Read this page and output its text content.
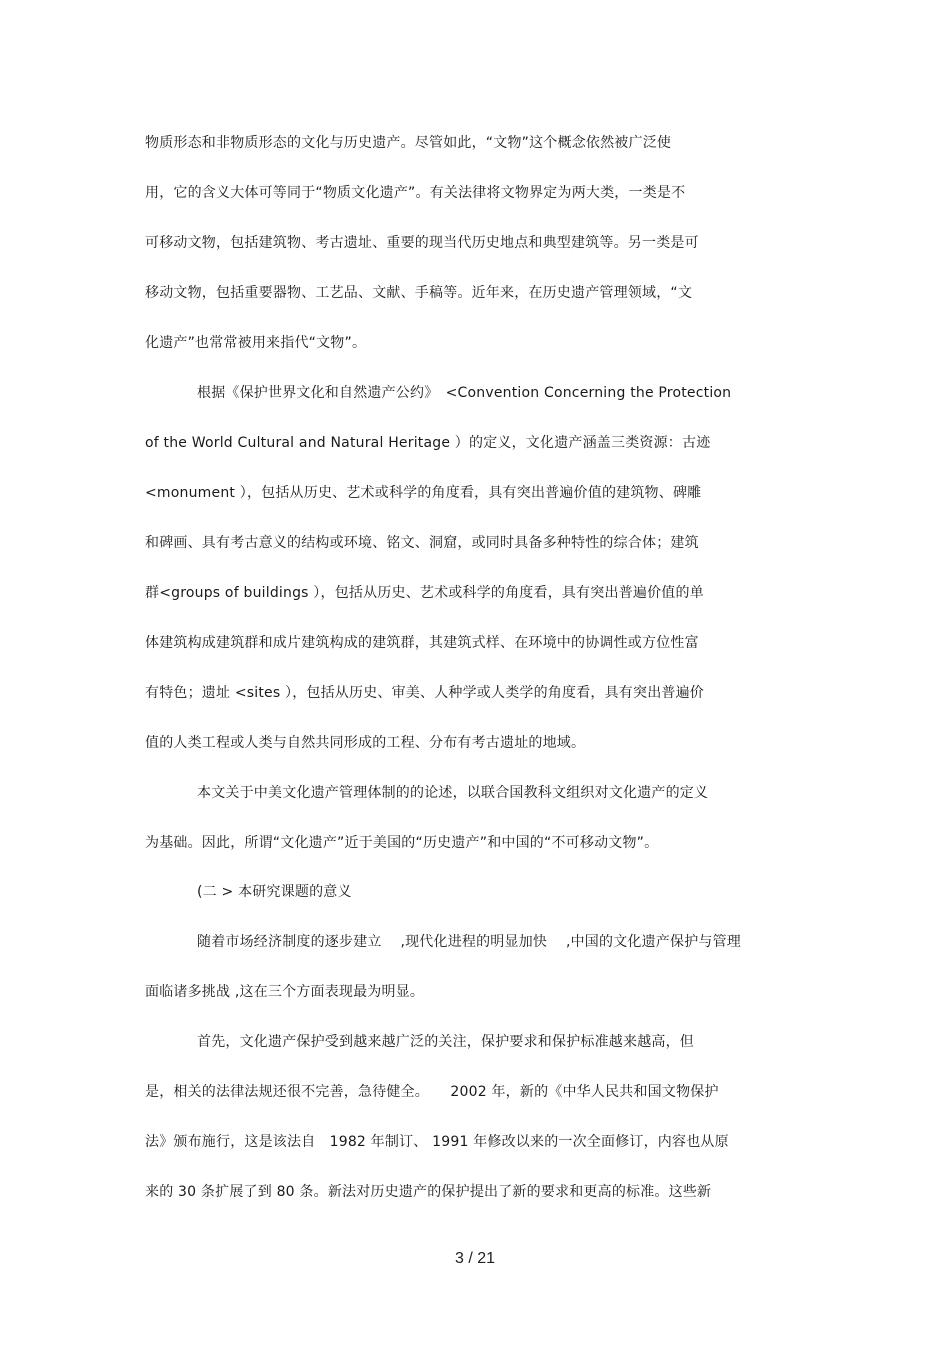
物质形态和非物质形态的文化与历史遗产。尽管如此，“文物”这个概念依然被广泛使
用，它的含义大体可等同于“物质文化遗产”。有关法律将文物界定为两大类，一类是不
可移动文物，包括建筑物、考古遗址、重要的现当代历史地点和典型建筑等。另一类是可
移动文物，包括重要器物、工艺品、文献、手稿等。近年来，在历史遗产管理领域，“文
化遗产”也常常被用来指代“文物”。
根据《保护世界文化和自然遗产公约》　<Convention Concerning the Protection
of the World Cultural and Natural Heritage ）的定义，文化遗产涵盖三类资源：古迹
<monument ），包括从历史、艺术或科学的角度看，具有突出普遍价值的建筑物、碑雕
和碑画、具有考古意义的结构或环境、铭文、洞窟，或同时具备多种特性的综合体；建筑
群<groups of buildings ），包括从历史、艺术或科学的角度看，具有突出普遍价值的单
体建筑构成建筑群和成片建筑构成的建筑群，其建筑式样、在环境中的协调性或方位性富
有特色；遗址 <sites ），包括从历史、审美、人种学或人类学的角度看，具有突出普遍价
值的人类工程或人类与自然共同形成的工程、分布有考古遗址的地域。
本文关于中美文化遗产管理体制的的论述，以联合国教科文组织对文化遗产的定义
为基础。因此，所谓“文化遗产”近于美国的“历史遗产”和中国的“不可移动文物”。
(二 > 本研究课题的意义
随着市场经济制度的逐步建立　 ,现代化进程的明显加快　 ,中国的文化遗产保护与管理
面临诸多挑战 ,这在三个方面表现最为明显。
首先，文化遗产保护受到越来越广泛的关注，保护要求和保护标准越来越高，但
是，相关的法律法规还很不完善，急待健全。　　2002 年，新的《中华人民共和国文物保护
法》颁布施行，这是该法自　1982 年制订、 1991 年修改以来的一次全面修订，内容也从原
来的 30 条扩展了到 80 条。新法对历史遗产的保护提出了新的要求和更高的标准。这些新
3 / 21
